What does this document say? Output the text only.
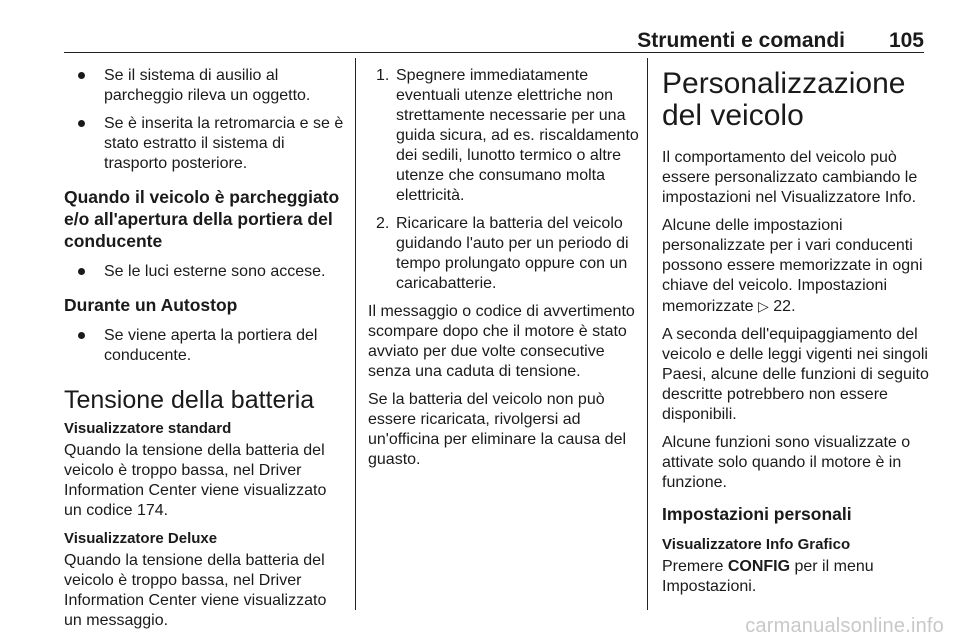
Strumenti e comandi 105
Se il sistema di ausilio al parcheggio rileva un oggetto.
Se è inserita la retromarcia e se è stato estratto il sistema di trasporto posteriore.
Quando il veicolo è parcheggiato e/o all'apertura della portiera del conducente
Se le luci esterne sono accese.
Durante un Autostop
Se viene aperta la portiera del conducente.
Tensione della batteria
Visualizzatore standard

Quando la tensione della batteria del veicolo è troppo bassa, nel Driver Information Center viene visualizzato un codice 174.

Visualizzatore Deluxe

Quando la tensione della batteria del veicolo è troppo bassa, nel Driver Information Center viene visualizzato un messaggio.

1. Spegnere immediatamente eventuali utenze elettriche non strettamente necessarie per una guida sicura, ad es. riscaldamento dei sedili, lunotto termico o altre utenze che consumano molta elettricità.
2. Ricaricare la batteria del veicolo guidando l'auto per un periodo di tempo prolungato oppure con un caricabatterie.

Il messaggio o codice di avvertimento scompare dopo che il motore è stato avviato per due volte consecutive senza una caduta di tensione.

Se la batteria del veicolo non può essere ricaricata, rivolgersi ad un'officina per eliminare la causa del guasto.

Personalizzazione del veicolo

Il comportamento del veicolo può essere personalizzato cambiando le impostazioni nel Visualizzatore Info.

Alcune delle impostazioni personalizzate per i vari conducenti possono essere memorizzate in ogni chiave del veicolo. Impostazioni memorizzate ▷ 22.

A seconda dell'equipaggiamento del veicolo e delle leggi vigenti nei singoli Paesi, alcune delle funzioni di seguito descritte potrebbero non essere disponibili.

Alcune funzioni sono visualizzate o attivate solo quando il motore è in funzione.

Impostazioni personali
Visualizzatore Info Grafico

Premere CONFIG per il menu Impostazioni.

carmanualsonline.info
